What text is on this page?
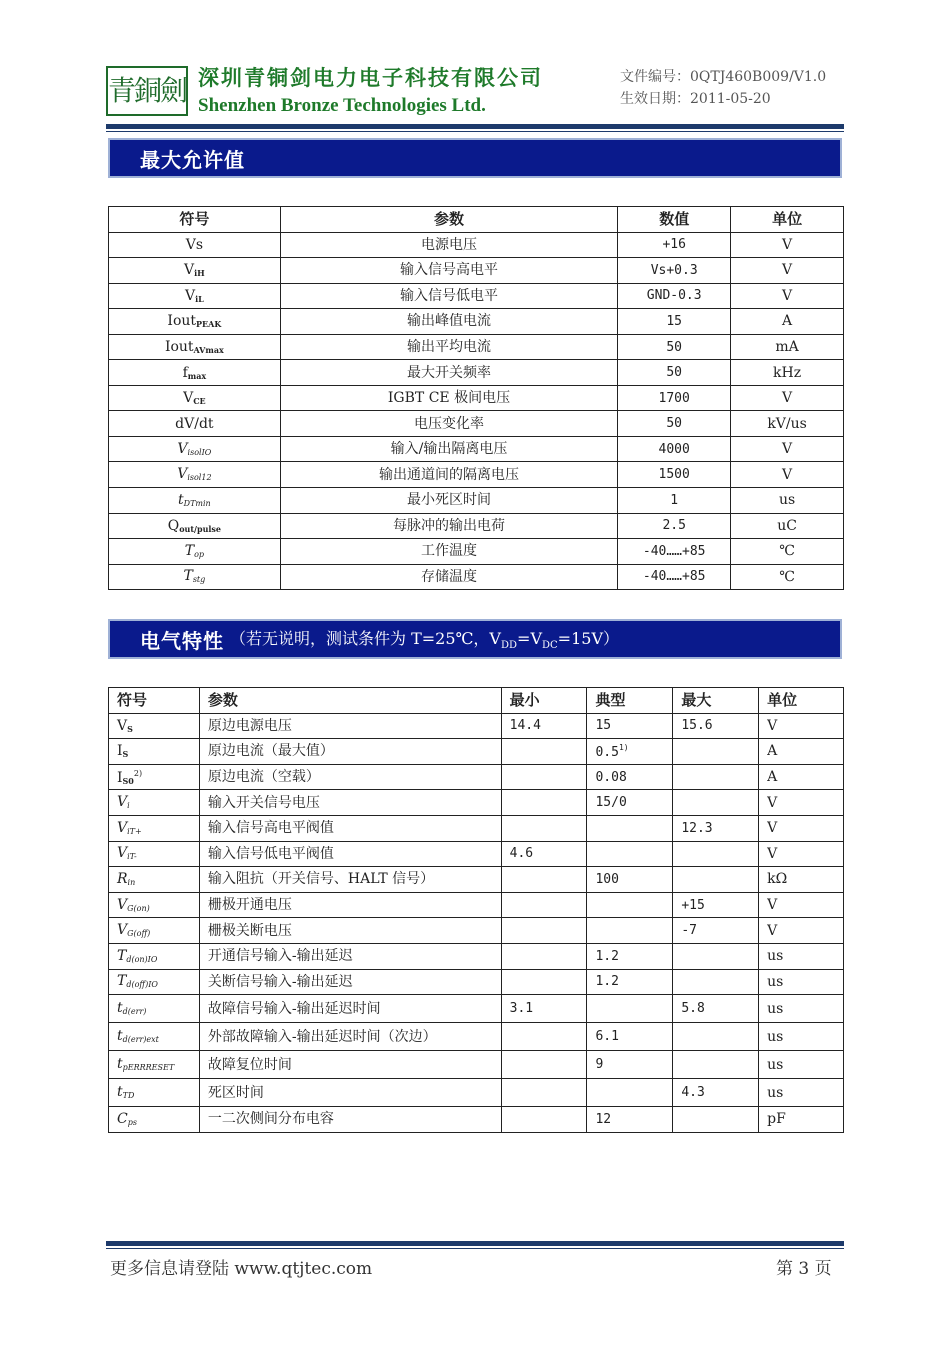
青銅劍 深圳青铜剑电力电子科技有限公司
Shenzhen Bronze Technologies Ltd.
文件编号：0QTJ460B009/V1.0
生效日期：2011-05-20
最大允许值
符号	参数	数值	单位
Vs	电源电压	+16	V
ViH	输入信号高电平	Vs+0.3	V
ViL	输入信号低电平	GND-0.3	V
IoutPEAK	输出峰值电流	15	A
IoutAVmax	输出平均电流	50	mA
fmax	最大开关频率	50	kHz
VCE	IGBT CE 极间电压	1700	V
dV/dt	电压变化率	50	kV/us
VisolIO	输入/输出隔离电压	4000	V
Visol12	输出通道间的隔离电压	1500	V
tDTmin	最小死区时间	1	us
Qout/pulse	每脉冲的输出电荷	2.5	uC
Top	工作温度	-40……+85	℃
Tstg	存储温度	-40……+85	℃
电气特性 （若无说明，测试条件为 T=25℃，$V_{DD}=V_{DC}=15V$）
符号	参数	最小	典型	最大	单位
VS	原边电源电压	14.4	15	15.6	V
IS	原边电流（最大值）		0.5$^{1)}$		A
IS0$^{2)}$	原边电流（空载）		0.08		A
Vi	输入开关信号电压		15/0		V
ViT+	输入信号高电平阀值			12.3	V
ViT-	输入信号低电平阀值	4.6			V
Rin	输入阻抗（开关信号、HALT 信号）		100		kΩ
VG(on)	栅极开通电压			+15	V
VG(off)	栅极关断电压			-7	V
Td(on)IO	开通信号输入-输出延迟		1.2		us
Td(off)IO	关断信号输入-输出延迟		1.2		us
td(err)	故障信号输入-输出延迟时间	3.1		5.8	us
td(err)ext	外部故障输入-输出延迟时间（次边）		6.1		us
tpERRRESET	故障复位时间		9		us
tTD	死区时间			4.3	us
Cps	一二次侧间分布电容		12		pF
更多信息请登陆 www.qtjtec.com	第 3 页
